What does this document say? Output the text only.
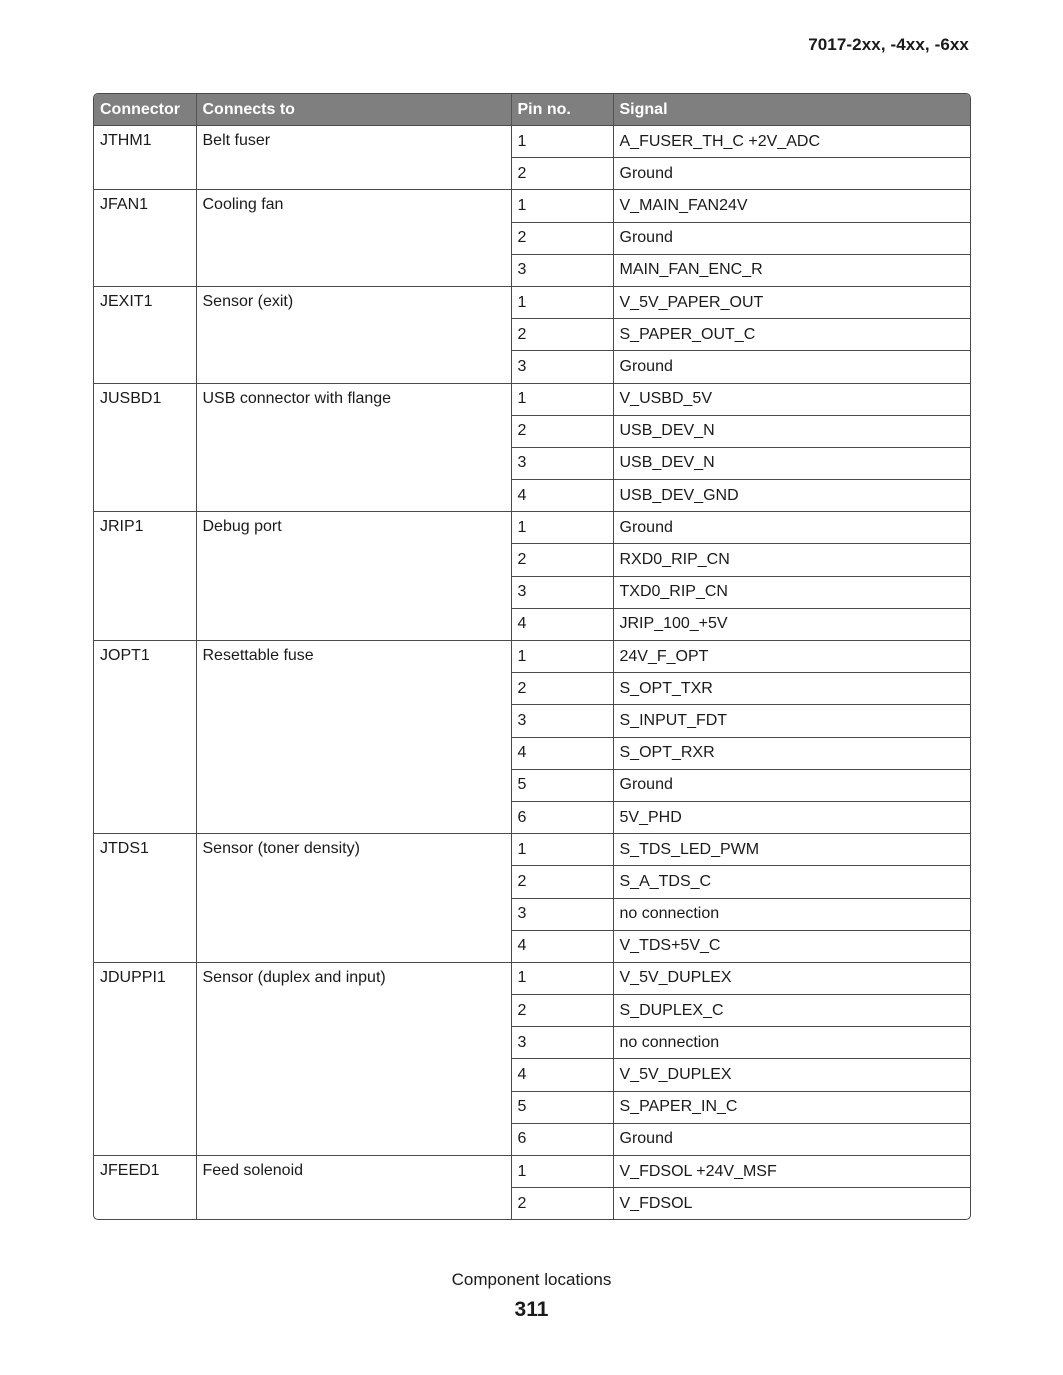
7017-2xx, -4xx, -6xx
Connector	Connects to	Pin no.	Signal
JTHM1	Belt fuser	1	A_FUSER_TH_C +2V_ADC
		2	Ground
JFAN1	Cooling fan	1	V_MAIN_FAN24V
		2	Ground
		3	MAIN_FAN_ENC_R
JEXIT1	Sensor (exit)	1	V_5V_PAPER_OUT
		2	S_PAPER_OUT_C
		3	Ground
JUSBD1	USB connector with flange	1	V_USBD_5V
		2	USB_DEV_N
		3	USB_DEV_N
		4	USB_DEV_GND
JRIP1	Debug port	1	Ground
		2	RXD0_RIP_CN
		3	TXD0_RIP_CN
		4	JRIP_100_+5V
JOPT1	Resettable fuse	1	24V_F_OPT
		2	S_OPT_TXR
		3	S_INPUT_FDT
		4	S_OPT_RXR
		5	Ground
		6	5V_PHD
JTDS1	Sensor (toner density)	1	S_TDS_LED_PWM
		2	S_A_TDS_C
		3	no connection
		4	V_TDS+5V_C
JDUPPI1	Sensor (duplex and input)	1	V_5V_DUPLEX
		2	S_DUPLEX_C
		3	no connection
		4	V_5V_DUPLEX
		5	S_PAPER_IN_C
		6	Ground
JFEED1	Feed solenoid	1	V_FDSOL +24V_MSF
		2	V_FDSOL
Component locations
311
